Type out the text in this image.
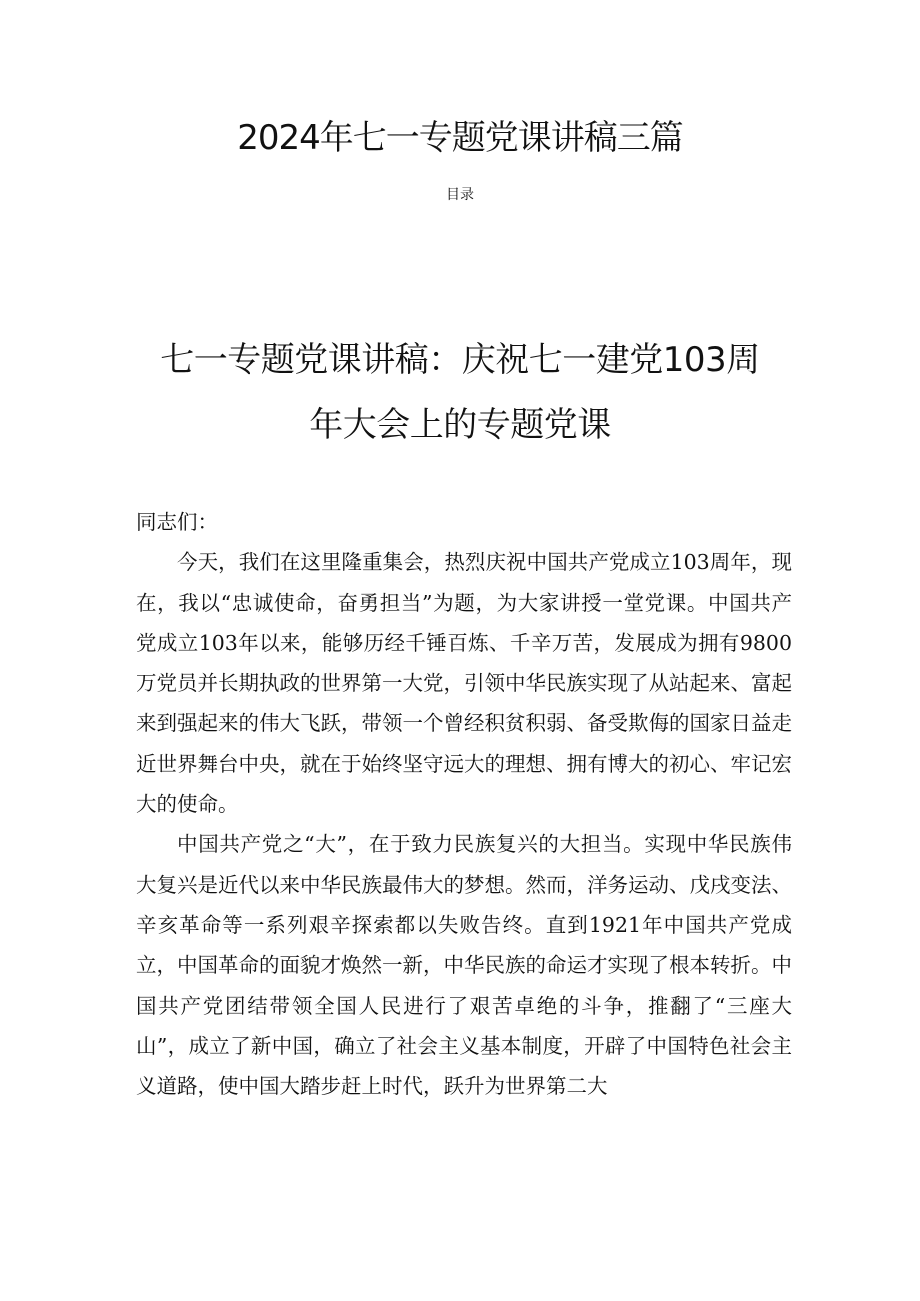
2024年七一专题党课讲稿三篇
目录
七一专题党课讲稿：庆祝七一建党103周
年大会上的专题党课

同志们：

今天，我们在这里隆重集会，热烈庆祝中国共产党成立103周年，现在，我以“忠诚使命，奋勇担当”为题，为大家讲授一堂党课。中国共产党成立103年以来，能够历经千锤百炼、千辛万苦，发展成为拥有9800万党员并长期执政的世界第一大党，引领中华民族实现了从站起来、富起来到强起来的伟大飞跃，带领一个曾经积贫积弱、备受欺侮的国家日益走近世界舞台中央，就在于始终坚守远大的理想、拥有博大的初心、牢记宏大的使命。

中国共产党之“大”，在于致力民族复兴的大担当。实现中华民族伟大复兴是近代以来中华民族最伟大的梦想。然而，洋务运动、戊戌变法、辛亥革命等一系列艰辛探索都以失败告终。直到1921年中国共产党成立，中国革命的面貌才焕然一新，中华民族的命运才实现了根本转折。中国共产党团结带领全国人民进行了艰苦卓绝的斗争，推翻了“三座大山”，成立了新中国，确立了社会主义基本制度，开辟了中国特色社会主义道路，使中国大踏步赶上时代，跃升为世界第二大
